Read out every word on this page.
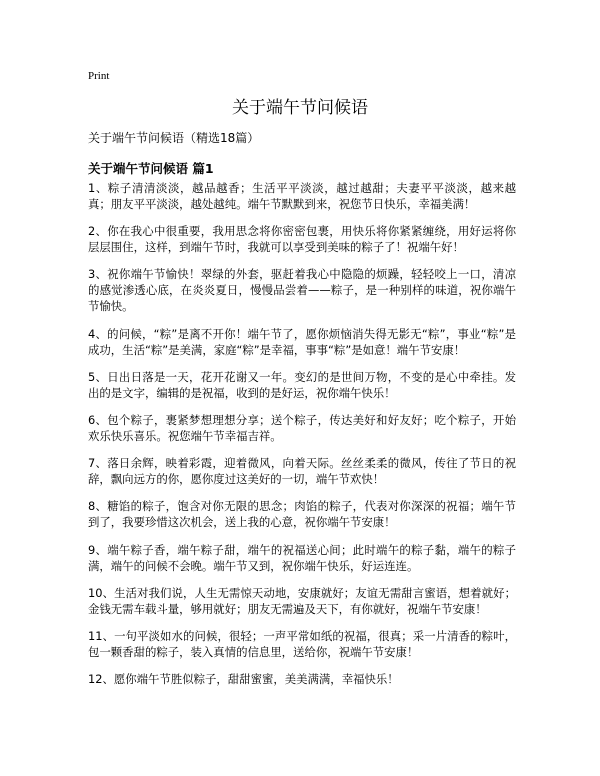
Print
关于端午节问候语
关于端午节问候语（精选18篇）
关于端午节问候语 篇1
1、粽子清清淡淡，越品越香；生活平平淡淡，越过越甜；夫妻平平淡淡，越来越真；朋友平平淡淡，越处越纯。端午节默默到来，祝您节日快乐，幸福美满！
2、你在我心中很重要，我用思念将你密密包裹，用快乐将你紧紧缠绕，用好运将你层层围住，这样，到端午节时，我就可以享受到美味的粽子了！祝端午好！
3、祝你端午节愉快！翠绿的外套，驱赶着我心中隐隐的烦躁，轻轻咬上一口，清凉的感觉渗透心底，在炎炎夏日，慢慢品尝着——粽子，是一种别样的味道，祝你端午节愉快。
4、的问候，“粽”是离不开你！端午节了，愿你烦恼消失得无影无“粽”，事业“粽”是成功，生活“粽”是美满，家庭“粽”是幸福，事事“粽”是如意！端午节安康！
5、日出日落是一天，花开花谢又一年。变幻的是世间万物，不变的是心中牵挂。发出的是文字，编辑的是祝福，收到的是好运，祝你端午快乐！
6、包个粽子，裹紧梦想理想分享；送个粽子，传达美好和好友好；吃个粽子，开始欢乐快乐喜乐。祝您端午节幸福吉祥。
7、落日余辉，映着彩霞，迎着微风，向着天际。丝丝柔柔的微风，传往了节日的祝辞，飘向远方的你，愿你度过这美好的一切，端午节欢快！
8、糖馅的粽子，饱含对你无限的思念；肉馅的粽子，代表对你深深的祝福；端午节到了，我要珍惜这次机会，送上我的心意，祝你端午节安康！
9、端午粽子香，端午粽子甜，端午的祝福送心间；此时端午的粽子黏，端午的粽子满，端午的问候不会晚。端午节又到，祝你端午快乐，好运连连。
10、生活对我们说，人生无需惊天动地，安康就好；友谊无需甜言蜜语，想着就好；金钱无需车载斗量，够用就好；朋友无需遍及天下，有你就好，祝端午节安康！
11、一句平淡如水的问候，很轻；一声平常如纸的祝福，很真；采一片清香的粽叶，包一颗香甜的粽子，装入真情的信息里，送给你，祝端午节安康！
12、愿你端午节胜似粽子，甜甜蜜蜜，美美满满，幸福快乐！
